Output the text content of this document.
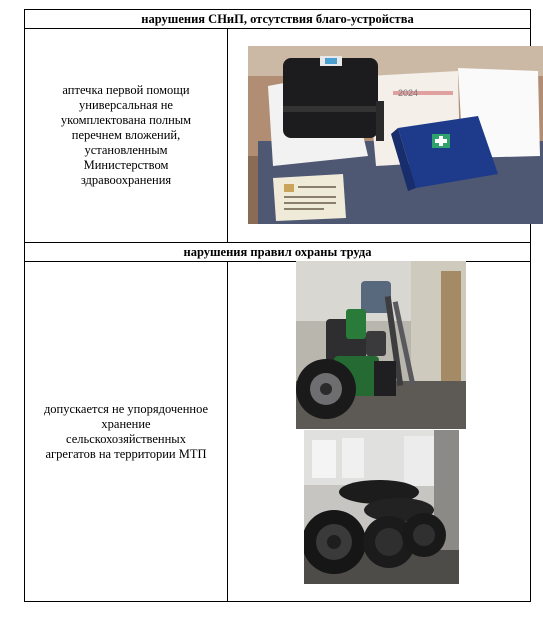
нарушения СНиП, отсутствия благо-устройства
аптечка первой помощи универсальная не укомплектована полным перечнем вложений, установленным Министерством здравоохранения
2024
нарушения правил охраны труда
допускается не упорядоченное хранение сельскохозяйственных агрегатов на территории МТП
